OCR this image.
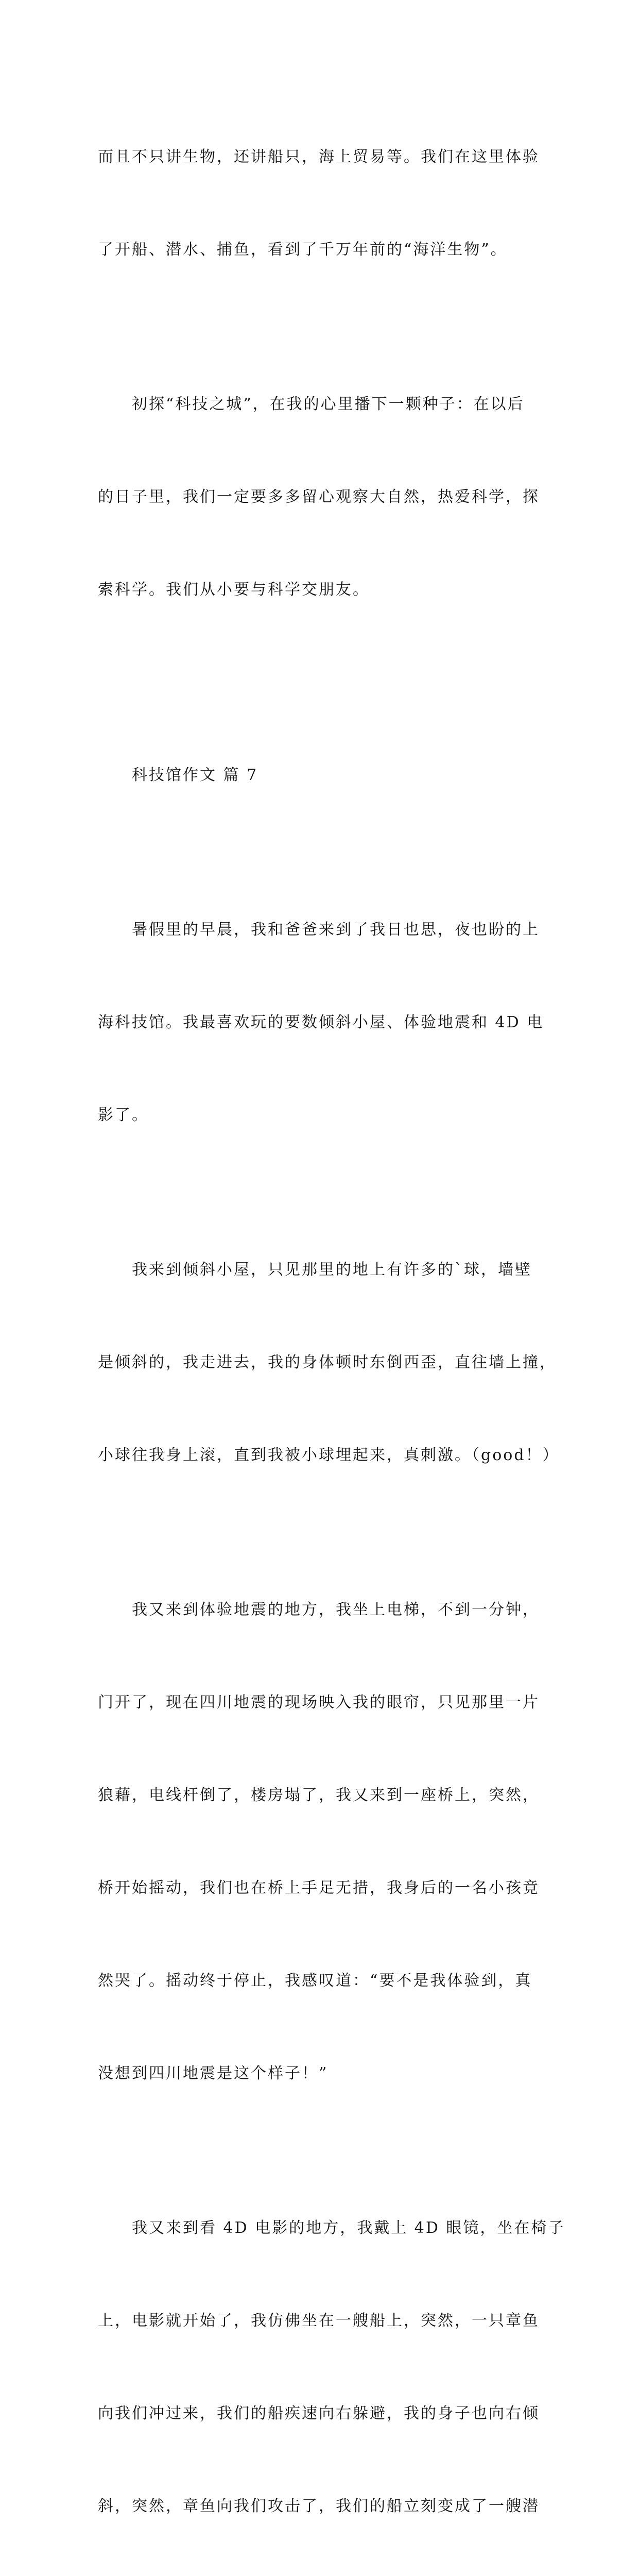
而且不只讲生物，还讲船只，海上贸易等。我们在这里体验

了开船、潜水、捕鱼，看到了千万年前的“海洋生物”。

　　初探“科技之城”，在我的心里播下一颗种子：在以后

的日子里，我们一定要多多留心观察大自然，热爱科学，探

索科学。我们从小要与科学交朋友。

　　科技馆作文 篇 7

　　暑假里的早晨，我和爸爸来到了我日也思，夜也盼的上

海科技馆。我最喜欢玩的要数倾斜小屋、体验地震和 4D 电

影了。

　　我来到倾斜小屋，只见那里的地上有许多的`球，墙壁

是倾斜的，我走进去，我的身体顿时东倒西歪，直往墙上撞，

小球往我身上滚，直到我被小球埋起来，真刺激。（good！）

　　我又来到体验地震的地方，我坐上电梯，不到一分钟，

门开了，现在四川地震的现场映入我的眼帘，只见那里一片

狼藉，电线杆倒了，楼房塌了，我又来到一座桥上，突然，

桥开始摇动，我们也在桥上手足无措，我身后的一名小孩竟

然哭了。摇动终于停止，我感叹道：“要不是我体验到，真

没想到四川地震是这个样子！”

　　我又来到看 4D 电影的地方，我戴上 4D 眼镜，坐在椅子

上，电影就开始了，我仿佛坐在一艘船上，突然，一只章鱼

向我们冲过来，我们的船疾速向右躲避，我的身子也向右倾

斜，突然，章鱼向我们攻击了，我们的船立刻变成了一艘潜
